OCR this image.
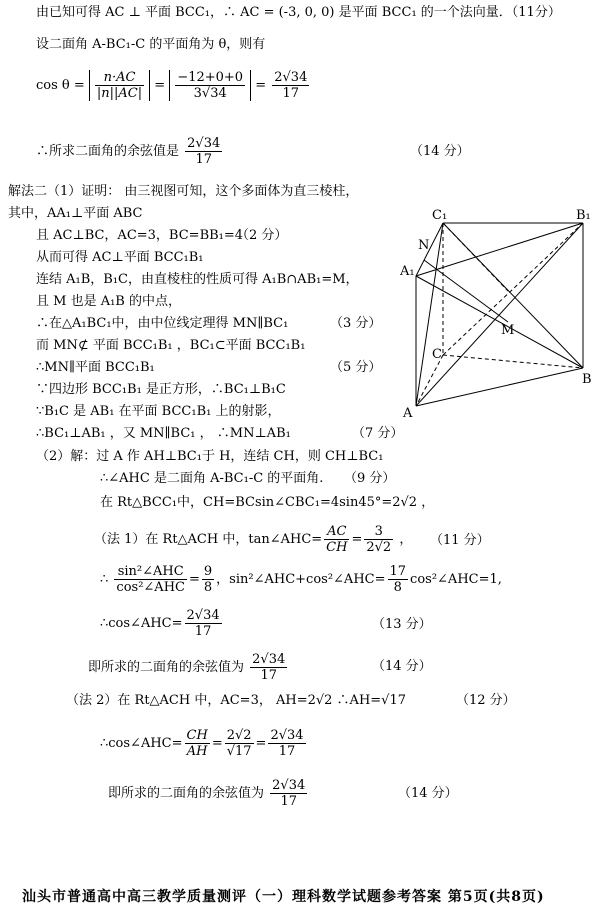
由已知可得 AC ⊥ 平面 BCC₁，∴ AC = (-3, 0, 0) 是平面 BCC₁ 的一个法向量．（11分）
设二面角 A-BC₁-C 的平面角为 θ，则有
$\cos \theta = \frac{n\cdot AC}{|n||AC|} = \frac{-12+0+0}{3√34} = \frac{2√34}{17}$
∴所求二面角的余弦值是 $\frac{2√34}{17}$	（14 分）
解法二（1）证明： 由三视图可知，这个多面体为直三棱柱，
其中，AA₁⊥平面 ABC
且 AC⊥BC，AC=3，BC=BB₁=4
（2 分）
从而可得 AC⊥平面 BCC₁B₁
连结 A₁B，B₁C，由直棱柱的性质可得 A₁B∩AB₁=M，
且 M 也是 A₁B 的中点，
∴在△A₁BC₁中，由中位线定理得 MN∥BC₁	（3 分）
而 MN⊄ 平面 BCC₁B₁ ，BC₁⊂平面 BCC₁B₁
∴MN∥平面 BCC₁B₁	（5 分）
∵四边形 BCC₁B₁ 是正方形，∴BC₁⊥B₁C
∵B₁C 是 AB₁ 在平面 BCC₁B₁ 上的射影，
∴BC₁⊥AB₁ ，又 MN∥BC₁ ， ∴MN⊥AB₁	（7 分）
C₁	B₁
N
A₁
M
C
B
A
（2）解：过 A 作 AH⊥BC₁于 H，连结 CH，则 CH⊥BC₁
∴∠AHC 是二面角 A-BC₁-C 的平面角. （9 分）
在 Rt△BCC₁中，CH=BCsin∠CBC₁=4sin45°=2√2 ，
（法 1）在 Rt△ACH 中，tan∠AHC= $\frac{AC}{CH} = \frac{3}{2√2}$ ， （11 分）
∴ $\frac{\text{sin²∠AHC}}{\text{cos²∠AHC}} = \frac{9}{8}$ ，sin²∠AHC+cos²∠AHC= $\frac{17}{8}$ cos²∠AHC=1,
∴cos∠AHC= $\frac{2√34}{17}$	（13 分）
即所求的二面角的余弦值为 $\frac{2√34}{17}$	（14 分）
（法 2）在 Rt△ACH 中，AC=3， AH=2√2 ∴AH=√17	（12 分）
∴cos∠AHC= $\frac{CH}{AH} = \frac{2√2}{√17} = \frac{2√34}{17}$
即所求的二面角的余弦值为 $\frac{2√34}{17}$	（14 分）
汕头市普通高中高三教学质量测评（一）理科数学试题参考答案 第5页(共8页)
